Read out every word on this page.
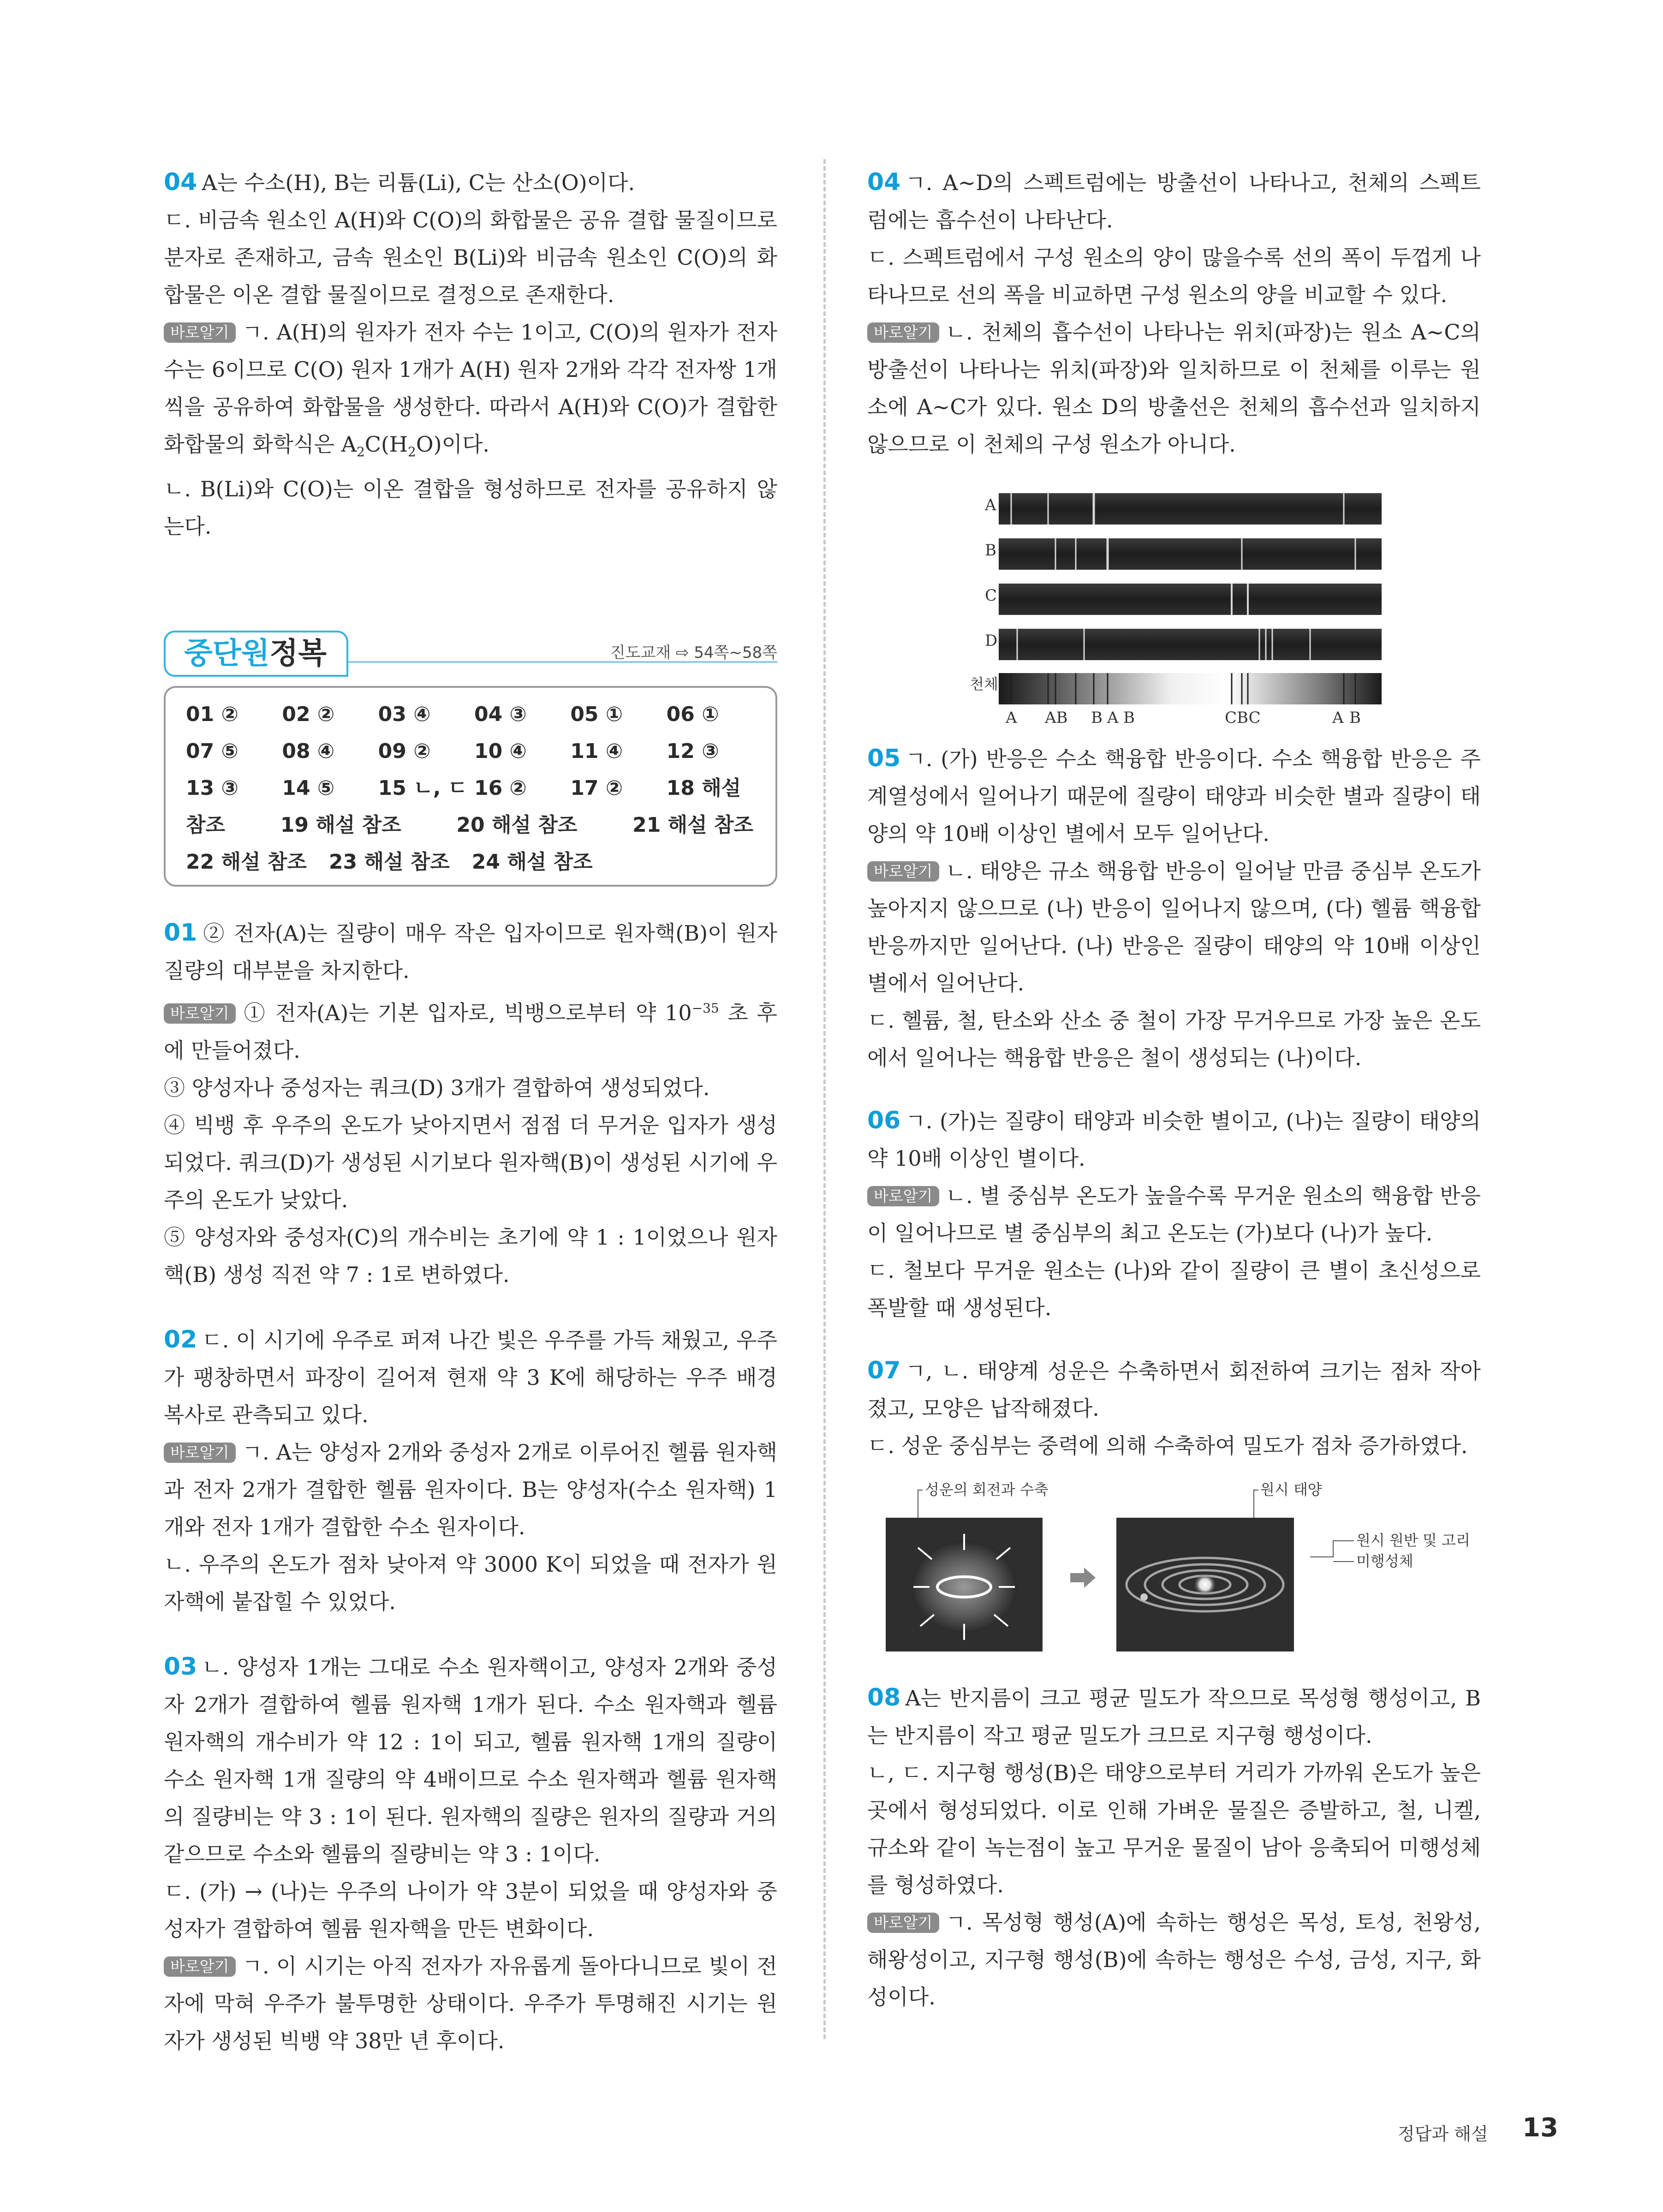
04 A는 수소(H), B는 리튬(Li), C는 산소(O)이다.

ㄷ. 비금속 원소인 A(H)와 C(O)의 화합물은 공유 결합 물질이므로 분자로 존재하고, 금속 원소인 B(Li)와 비금속 원소인 C(O)의 화합물은 이온 결합 물질이므로 결정으로 존재한다.

바로알기 ㄱ. A(H)의 원자가 전자 수는 1이고, C(O)의 원자가 전자 수는 6이므로 C(O) 원자 1개가 A(H) 원자 2개와 각각 전자쌍 1개씩을 공유하여 화합물을 생성한다. 따라서 A(H)와 C(O)가 결합한 화합물의 화학식은 $A_2C(H_2O)$이다.

ㄴ. B(Li)와 C(O)는 이온 결합을 형성하므로 전자를 공유하지 않는다.

중단원정복	진도교재 ⇨ 54쪽∼58쪽
01 ②	02 ②	03 ④	04 ③	05 ①	06 ①
07 ⑤	08 ④	09 ②	10 ④	11 ④	12 ③
13 ③	14 ⑤	15 ㄴ, ㄷ 16 ②	17 ②	18 해설
참조	19 해설 참조	20 해설 참조	21 해설 참조
22 해설 참조 23 해설 참조 24 해설 참조

01 ② 전자(A)는 질량이 매우 작은 입자이므로 원자핵(B)이 원자 질량의 대부분을 차지한다.

바로알기 ① 전자(A)는 기본 입자로, 빅뱅으로부터 약 $10^{-35}$ 초 후에 만들어졌다.

③ 양성자나 중성자는 쿼크(D) 3개가 결합하여 생성되었다.

④ 빅뱅 후 우주의 온도가 낮아지면서 점점 더 무거운 입자가 생성되었다. 쿼크(D)가 생성된 시기보다 원자핵(B)이 생성된 시기에 우주의 온도가 낮았다.

⑤ 양성자와 중성자(C)의 개수비는 초기에 약 1 : 1이었으나 원자핵(B) 생성 직전 약 7 : 1로 변하였다.

02 ㄷ. 이 시기에 우주로 퍼져 나간 빛은 우주를 가득 채웠고, 우주가 팽창하면서 파장이 길어져 현재 약 3 K에 해당하는 우주 배경 복사로 관측되고 있다.

바로알기 ㄱ. A는 양성자 2개와 중성자 2개로 이루어진 헬륨 원자핵과 전자 2개가 결합한 헬륨 원자이다. B는 양성자(수소 원자핵) 1개와 전자 1개가 결합한 수소 원자이다.

ㄴ. 우주의 온도가 점차 낮아져 약 3000 K이 되었을 때 전자가 원자핵에 붙잡힐 수 있었다.

03 ㄴ. 양성자 1개는 그대로 수소 원자핵이고, 양성자 2개와 중성자 2개가 결합하여 헬륨 원자핵 1개가 된다. 수소 원자핵과 헬륨 원자핵의 개수비가 약 12 : 1이 되고, 헬륨 원자핵 1개의 질량이 수소 원자핵 1개 질량의 약 4배이므로 수소 원자핵과 헬륨 원자핵의 질량비는 약 3 : 1이 된다. 원자핵의 질량은 원자의 질량과 거의 같으므로 수소와 헬륨의 질량비는 약 3 : 1이다.

ㄷ. (가) → (나)는 우주의 나이가 약 3분이 되었을 때 양성자와 중성자가 결합하여 헬륨 원자핵을 만든 변화이다.

바로알기 ㄱ. 이 시기는 아직 전자가 자유롭게 돌아다니므로 빛이 전자에 막혀 우주가 불투명한 상태이다. 우주가 투명해진 시기는 원자가 생성된 빅뱅 약 38만 년 후이다.

04 ㄱ. A∼D의 스펙트럼에는 방출선이 나타나고, 천체의 스펙트럼에는 흡수선이 나타난다.

ㄷ. 스펙트럼에서 구성 원소의 양이 많을수록 선의 폭이 두껍게 나타나므로 선의 폭을 비교하면 구성 원소의 양을 비교할 수 있다.

바로알기 ㄴ. 천체의 흡수선이 나타나는 위치(파장)는 원소 A∼C의 방출선이 나타나는 위치(파장)와 일치하므로 이 천체를 이루는 원소에 A∼C가 있다. 원소 D의 방출선은 천체의 흡수선과 일치하지 않으므로 이 천체의 구성 원소가 아니다.

A
B
C
D
천체
A AB B A B	CBC	A B

05 ㄱ. (가) 반응은 수소 핵융합 반응이다. 수소 핵융합 반응은 주계열성에서 일어나기 때문에 질량이 태양과 비슷한 별과 질량이 태양의 약 10배 이상인 별에서 모두 일어난다.

바로알기 ㄴ. 태양은 규소 핵융합 반응이 일어날 만큼 중심부 온도가 높아지지 않으므로 (나) 반응이 일어나지 않으며, (다) 헬륨 핵융합 반응까지만 일어난다. (나) 반응은 질량이 태양의 약 10배 이상인 별에서 일어난다.

ㄷ. 헬륨, 철, 탄소와 산소 중 철이 가장 무거우므로 가장 높은 온도에서 일어나는 핵융합 반응은 철이 생성되는 (나)이다.

06 ㄱ. (가)는 질량이 태양과 비슷한 별이고, (나)는 질량이 태양의 약 10배 이상인 별이다.

바로알기 ㄴ. 별 중심부 온도가 높을수록 무거운 원소의 핵융합 반응이 일어나므로 별 중심부의 최고 온도는 (가)보다 (나)가 높다.

ㄷ. 철보다 무거운 원소는 (나)와 같이 질량이 큰 별이 초신성으로 폭발할 때 생성된다.

07 ㄱ, ㄴ. 태양계 성운은 수축하면서 회전하여 크기는 점차 작아졌고, 모양은 납작해졌다.

ㄷ. 성운 중심부는 중력에 의해 수축하여 밀도가 점차 증가하였다.

성운의 회전과 수축	원시 태양
원시 원반 및 고리
미행성체

08 A는 반지름이 크고 평균 밀도가 작으므로 목성형 행성이고, B는 반지름이 작고 평균 밀도가 크므로 지구형 행성이다.

ㄴ, ㄷ. 지구형 행성(B)은 태양으로부터 거리가 가까워 온도가 높은 곳에서 형성되었다. 이로 인해 가벼운 물질은 증발하고, 철, 니켈, 규소와 같이 녹는점이 높고 무거운 물질이 남아 응축되어 미행성체를 형성하였다.

바로알기 ㄱ. 목성형 행성(A)에 속하는 행성은 목성, 토성, 천왕성, 해왕성이고, 지구형 행성(B)에 속하는 행성은 수성, 금성, 지구, 화성이다.

정답과 해설 13
